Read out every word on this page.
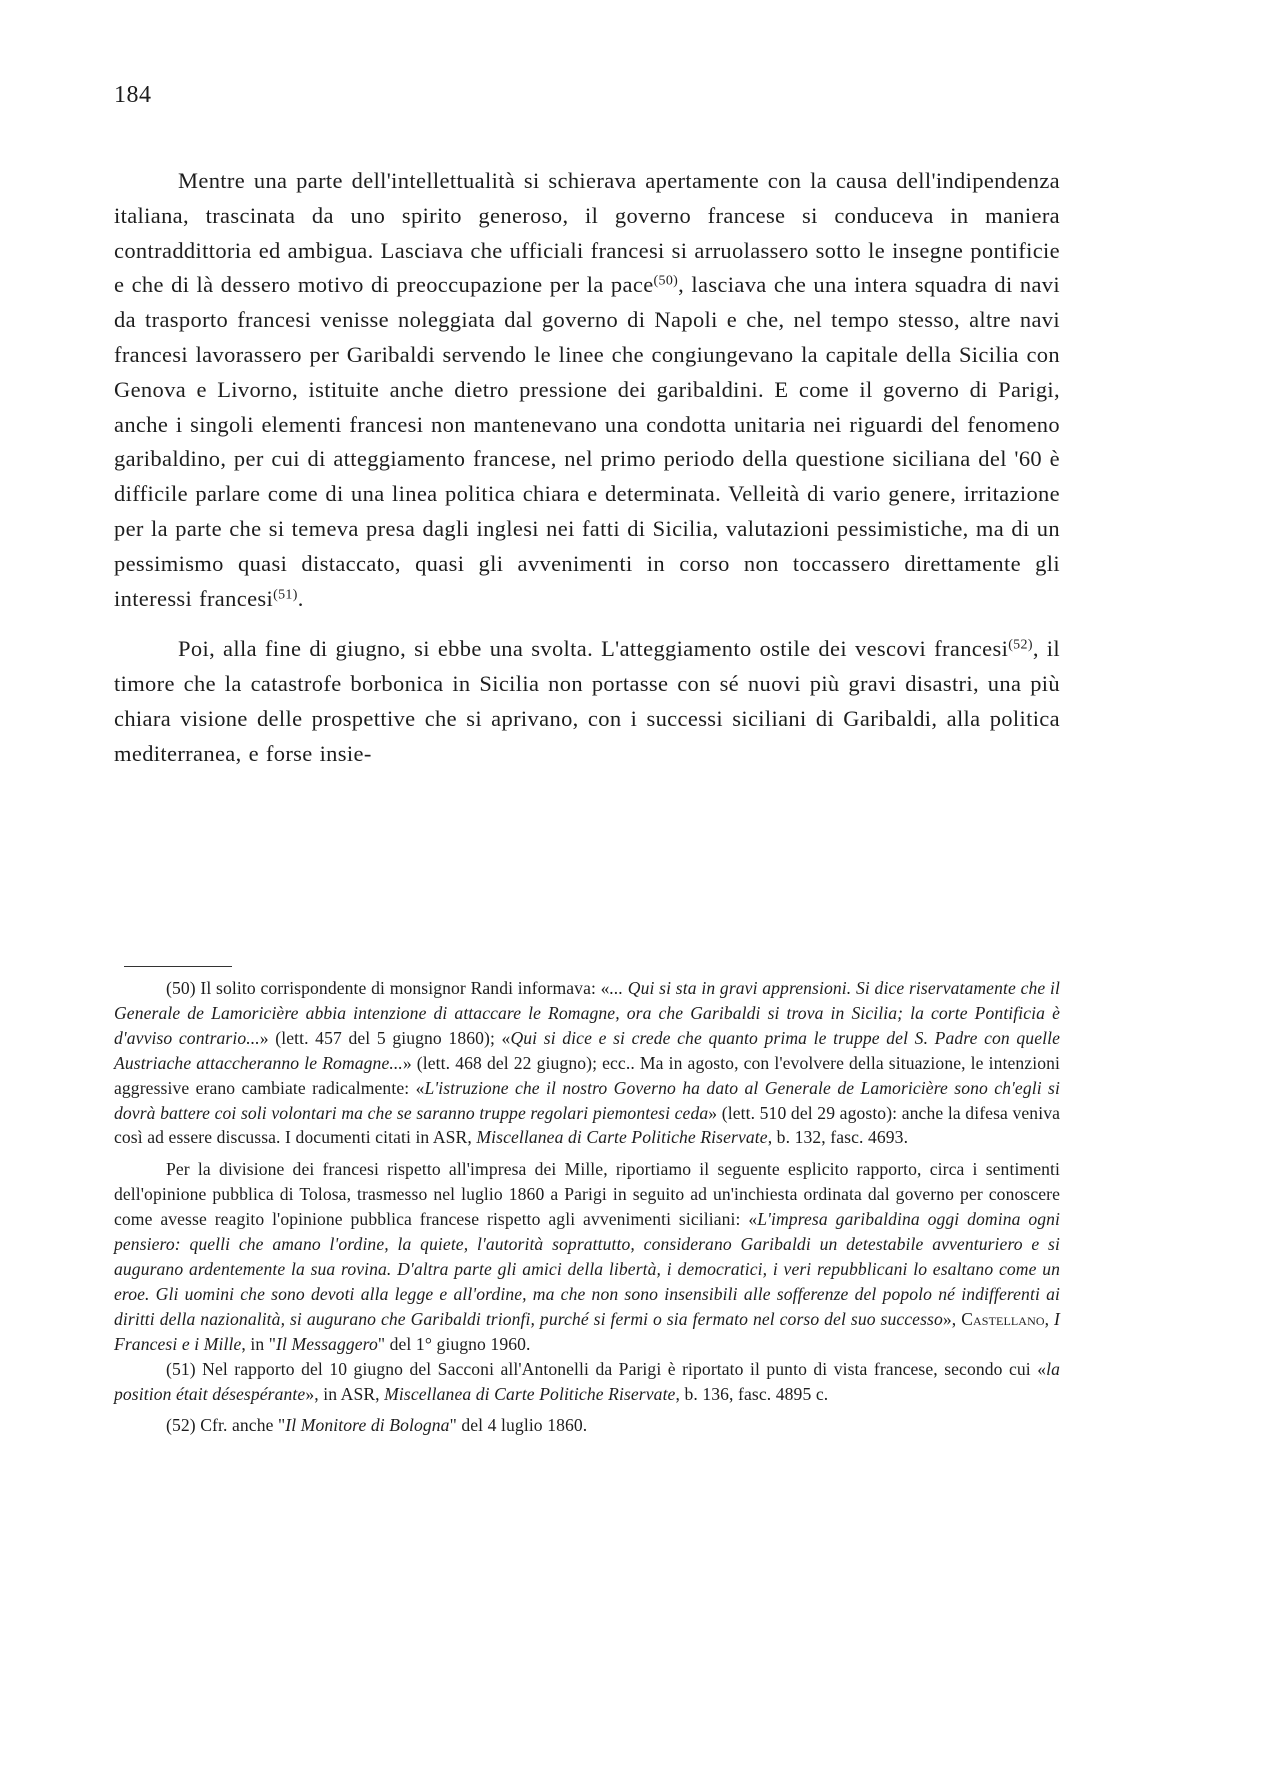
184

Mentre una parte dell'intellettualità si schierava apertamente con la causa dell'indipendenza italiana, trascinata da uno spirito generoso, il governo francese si conduceva in maniera contraddittoria ed ambigua. Lasciava che ufficiali francesi si arruolassero sotto le insegne pontificie e che di là dessero motivo di preoccupazione per la pace$^{(50)}$, lasciava che una intera squadra di navi da trasporto francesi venisse noleggiata dal governo di Napoli e che, nel tempo stesso, altre navi francesi lavorassero per Garibaldi servendo le linee che congiungevano la capitale della Sicilia con Genova e Livorno, istituite anche dietro pressione dei garibaldini. E come il governo di Parigi, anche i singoli elementi francesi non mantenevano una condotta unitaria nei riguardi del fenomeno garibaldino, per cui di atteggiamento francese, nel primo periodo della questione siciliana del '60 è difficile parlare come di una linea politica chiara e determinata. Velleità di vario genere, irritazione per la parte che si temeva presa dagli inglesi nei fatti di Sicilia, valutazioni pessimistiche, ma di un pessimismo quasi distaccato, quasi gli avvenimenti in corso non toccassero direttamente gli interessi francesi$^{(51)}$.

Poi, alla fine di giugno, si ebbe una svolta. L'atteggiamento ostile dei vescovi francesi$^{(52)}$, il timore che la catastrofe borbonica in Sicilia non portasse con sé nuovi più gravi disastri, una più chiara visione delle prospettive che si aprivano, con i successi siciliani di Garibaldi, alla politica mediterranea, e forse insie-

(50) Il solito corrispondente di monsignor Randi informava: «... Qui si sta in gravi apprensioni. Si dice riservatamente che il Generale de Lamoricière abbia intenzione di attaccare le Romagne, ora che Garibaldi si trova in Sicilia; la corte Pontificia è d'avviso contrario...» (lett. 457 del 5 giugno 1860); «Qui si dice e si crede che quanto prima le truppe del S. Padre con quelle Austriache attaccheranno le Romagne...» (lett. 468 del 22 giugno); ecc.. Ma in agosto, con l'evolvere della situazione, le intenzioni aggressive erano cambiate radicalmente: «L'istruzione che il nostro Governo ha dato al Generale de Lamoricière sono ch'egli si dovrà battere coi soli volontari ma che se saranno truppe regolari piemontesi ceda» (lett. 510 del 29 agosto): anche la difesa veniva così ad essere discussa. I documenti citati in ASR, Miscellanea di Carte Politiche Riservate, b. 132, fasc. 4693.

Per la divisione dei francesi rispetto all'impresa dei Mille, riportiamo il seguente esplicito rapporto, circa i sentimenti dell'opinione pubblica di Tolosa, trasmesso nel luglio 1860 a Parigi in seguito ad un'inchiesta ordinata dal governo per conoscere come avesse reagito l'opinione pubblica francese rispetto agli avvenimenti siciliani: «L'impresa garibaldina oggi domina ogni pensiero: quelli che amano l'ordine, la quiete, l'autorità soprattutto, considerano Garibaldi un detestabile avventuriero e si augurano ardentemente la sua rovina. D'altra parte gli amici della libertà, i democratici, i veri repubblicani lo esaltano come un eroe. Gli uomini che sono devoti alla legge e all'ordine, ma che non sono insensibili alle sofferenze del popolo né indifferenti ai diritti della nazionalità, si augurano che Garibaldi trionfi, purché si fermi o sia fermato nel corso del suo successo», Castellano, I Francesi e i Mille, in "Il Messaggero" del 1° giugno 1960.

(51) Nel rapporto del 10 giugno del Sacconi all'Antonelli da Parigi è riportato il punto di vista francese, secondo cui «la position était désespérante», in ASR, Miscellanea di Carte Politiche Riservate, b. 136, fasc. 4895 c.

(52) Cfr. anche "Il Monitore di Bologna" del 4 luglio 1860.
